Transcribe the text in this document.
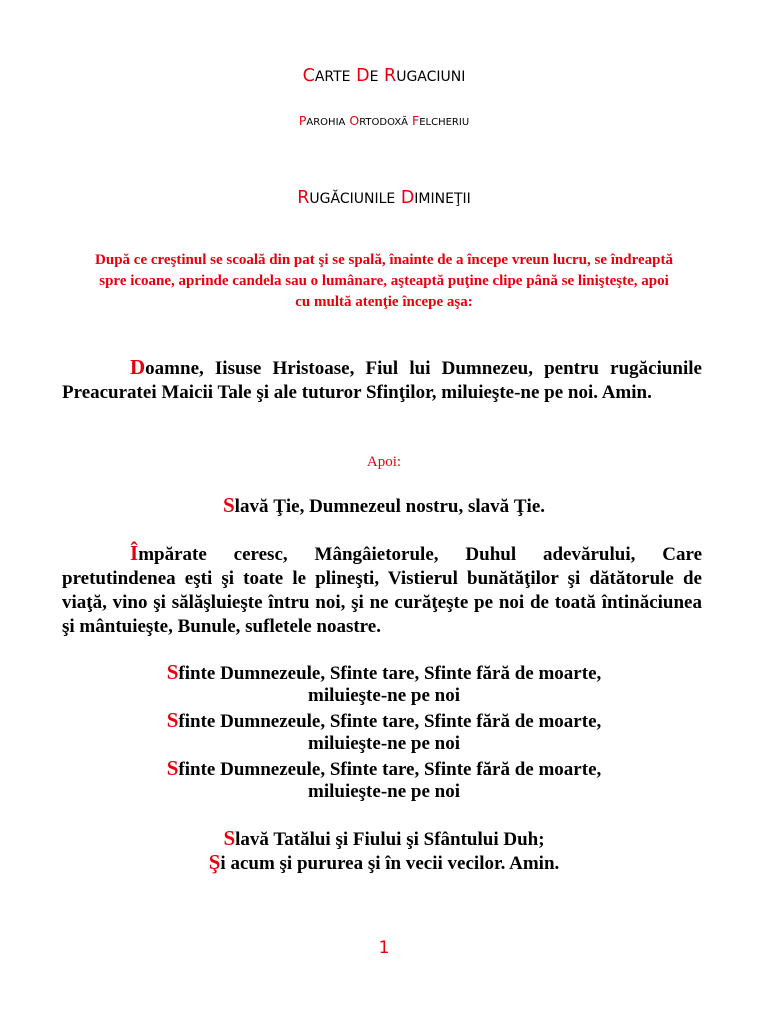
CARTE DE RUGACIUNI
PAROHIA ORTODOXĂ FELCHERIU
RUGĂCIUNILE DIMINEŢII
După ce creştinul se scoală din pat şi se spală, înainte de a începe vreun lucru, se îndreaptă spre icoane, aprinde candela sau o lumânare, aşteaptă puţine clipe până se linişteşte, apoi cu multă atenţie începe aşa:
Doamne, Iisuse Hristoase, Fiul lui Dumnezeu, pentru rugăciunile Preacuratei Maicii Tale şi ale tuturor Sfinţilor, miluieşte-ne pe noi. Amin.
Apoi:
Slavă Ţie, Dumnezeul nostru, slavă Ţie.
Împărate ceresc, Mângâietorule, Duhul adevărului, Care pretutindenea eşti şi toate le plineşti, Vistierul bunătăţilor şi dătătorule de viaţă, vino şi sălăşluieşte întru noi, şi ne curăţeşte pe noi de toată întinăciunea şi mântuieşte, Bunule, sufletele noastre.
Sfinte Dumnezeule, Sfinte tare, Sfinte fără de moarte,
miluieşte-ne pe noi
Sfinte Dumnezeule, Sfinte tare, Sfinte fără de moarte,
miluieşte-ne pe noi
Sfinte Dumnezeule, Sfinte tare, Sfinte fără de moarte,
miluieşte-ne pe noi
Slavă Tatălui şi Fiului şi Sfântului Duh;
Şi acum şi pururea şi în vecii vecilor. Amin.
1
